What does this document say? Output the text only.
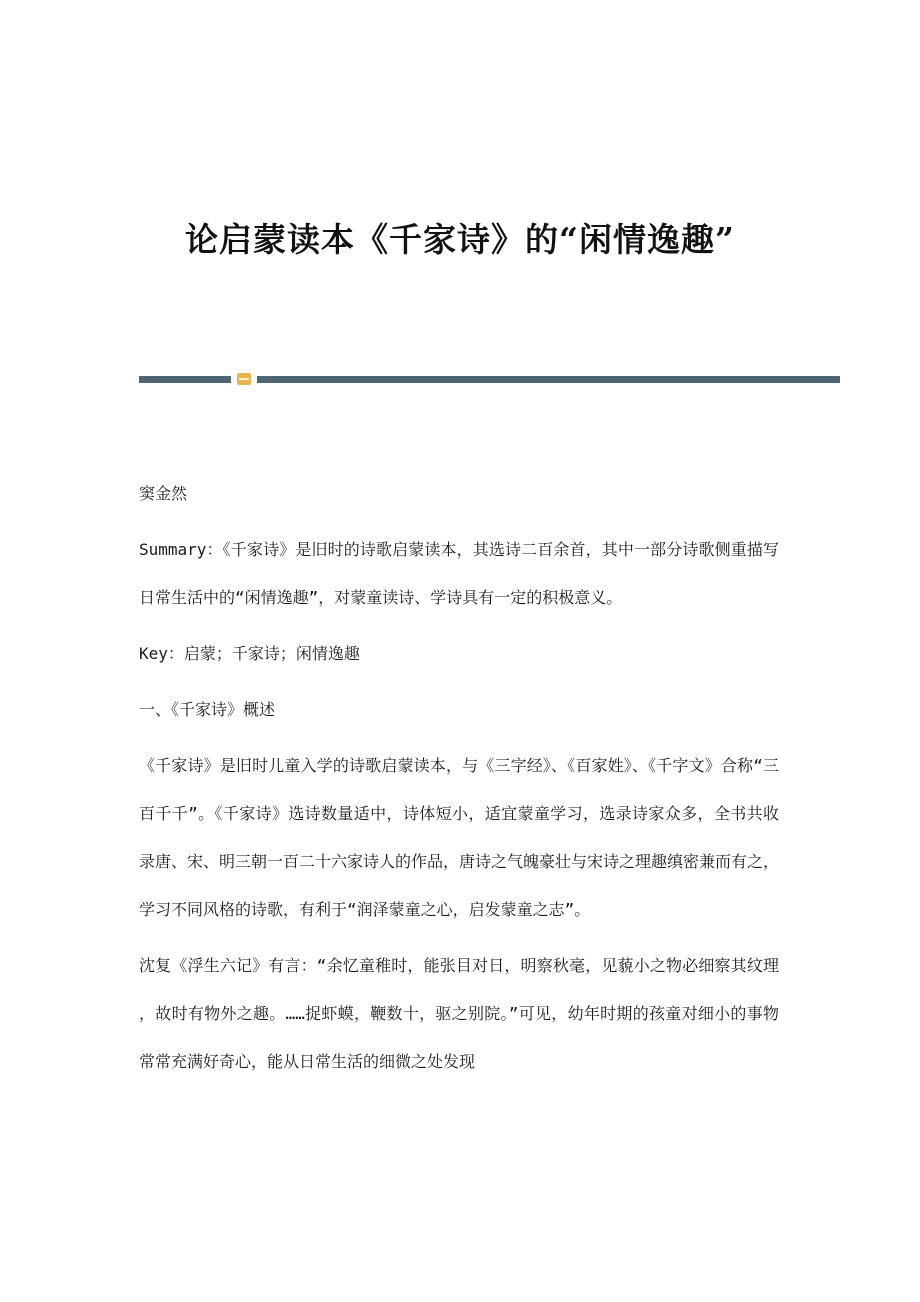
论启蒙读本《千家诗》的“闲情逸趣”

窦金然

Summary：《千家诗》是旧时的诗歌启蒙读本，其选诗二百余首，其中一部分诗歌侧重描写日常生活中的“闲情逸趣”，对蒙童读诗、学诗具有一定的积极意义。

Key：启蒙；千家诗；闲情逸趣

一、《千家诗》概述

《千家诗》是旧时儿童入学的诗歌启蒙读本，与《三字经》、《百家姓》、《千字文》合称“三百千千”。《千家诗》选诗数量适中，诗体短小，适宜蒙童学习，选录诗家众多，全书共收录唐、宋、明三朝一百二十六家诗人的作品，唐诗之气魄豪壮与宋诗之理趣缜密兼而有之，学习不同风格的诗歌，有利于“润泽蒙童之心，启发蒙童之志”。

沈复《浮生六记》有言：“余忆童稚时，能张目对日，明察秋毫，见藐小之物必细察其纹理，故时有物外之趣。……捉虾蟆，鞭数十，驱之别院。”可见，幼年时期的孩童对细小的事物常常充满好奇心，能从日常生活的细微之处发现
